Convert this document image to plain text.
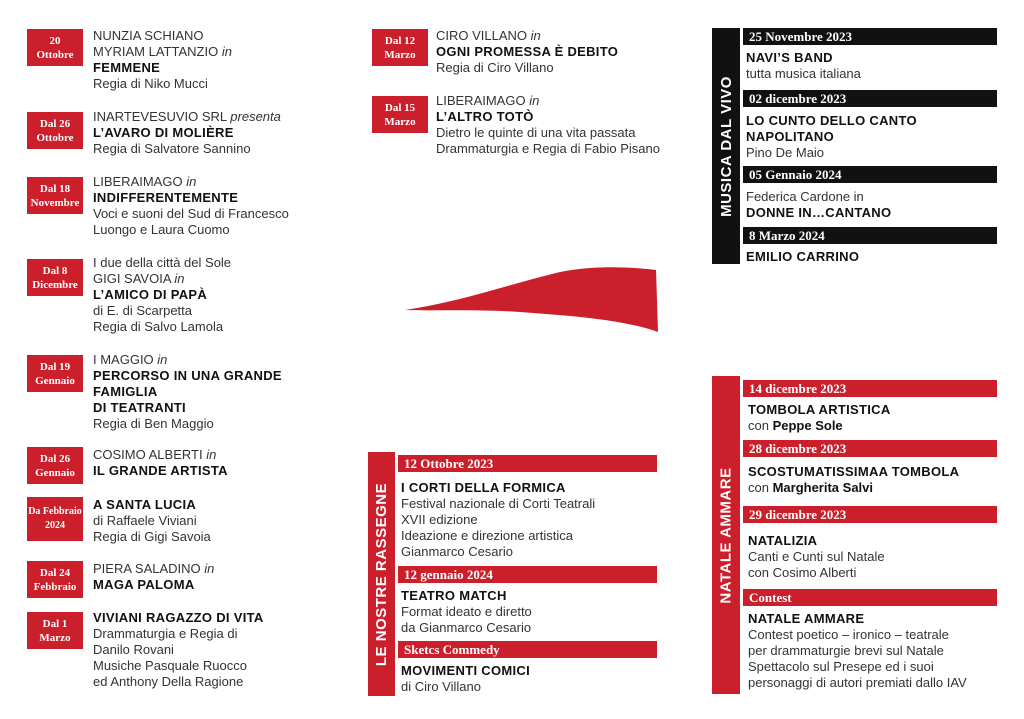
20
Ottobre
NUNZIA SCHIANO
MYRIAM LATTANZIO in
FEMMENE
Regia di Niko Mucci
Dal 26
Ottobre
INARTEVESUVIO SRL presenta
L’AVARO DI MOLIÈRE
Regia di Salvatore Sannino
Dal 18
Novembre
LIBERAIMAGO in
INDIFFERENTEMENTE
Voci e suoni del Sud di Francesco
Luongo e Laura Cuomo
Dal 8
Dicembre
I due della città del Sole
GIGI SAVOIA in
L’AMICO DI PAPÀ
di E. di Scarpetta
Regia di Salvo Lamola
Dal 19
Gennaio
I MAGGIO in
PERCORSO IN UNA GRANDE
FAMIGLIA
DI TEATRANTI
Regia di Ben Maggio
Dal 26
Gennaio
COSIMO ALBERTI in
IL GRANDE ARTISTA
Da Febbraio
2024
A SANTA LUCIA
di Raffaele Viviani
Regia di Gigi Savoia
Dal 24
Febbraio
PIERA SALADINO in
MAGA PALOMA
Dal 1
Marzo
VIVIANI RAGAZZO DI VITA
Drammaturgia e Regia di
Danilo Rovani
Musiche Pasquale Ruocco
ed Anthony Della Ragione
Dal 12
Marzo
CIRO VILLANO in
OGNI PROMESSA È DEBITO
Regia di Ciro Villano
Dal 15
Marzo
LIBERAIMAGO in
L’ALTRO TOTÒ
Dietro le quinte di una vita passata
Drammaturgia e Regia di Fabio Pisano
LE NOSTRE RASSEGNE
12 Ottobre 2023
I CORTI DELLA FORMICA
Festival nazionale di Corti Teatrali
XVII edizione
Ideazione e direzione artistica
Gianmarco Cesario
12 gennaio 2024
TEATRO MATCH
Format ideato e diretto
da Gianmarco Cesario
Sketcs Commedy
MOVIMENTI COMICI
di Ciro Villano
MUSICA DAL VIVO
25 Novembre 2023
NAVI’S BAND
tutta musica italiana
02 dicembre 2023
LO CUNTO DELLO CANTO
NAPOLITANO
Pino De Maio
05 Gennaio 2024
Federica Cardone in
DONNE IN…CANTANO
8 Marzo 2024
EMILIO CARRINO
NATALE AMMARE
14 dicembre 2023
TOMBOLA ARTISTICA
con Peppe Sole
28 dicembre 2023
SCOSTUMATISSIMAA TOMBOLA
con Margherita Salvi
29 dicembre 2023
NATALIZIA
Canti e Cunti sul Natale
con Cosimo Alberti
Contest
NATALE AMMARE
Contest poetico – ironico – teatrale
per drammaturgie brevi sul Natale
Spettacolo sul Presepe ed i suoi
personaggi di autori premiati dallo IAV
